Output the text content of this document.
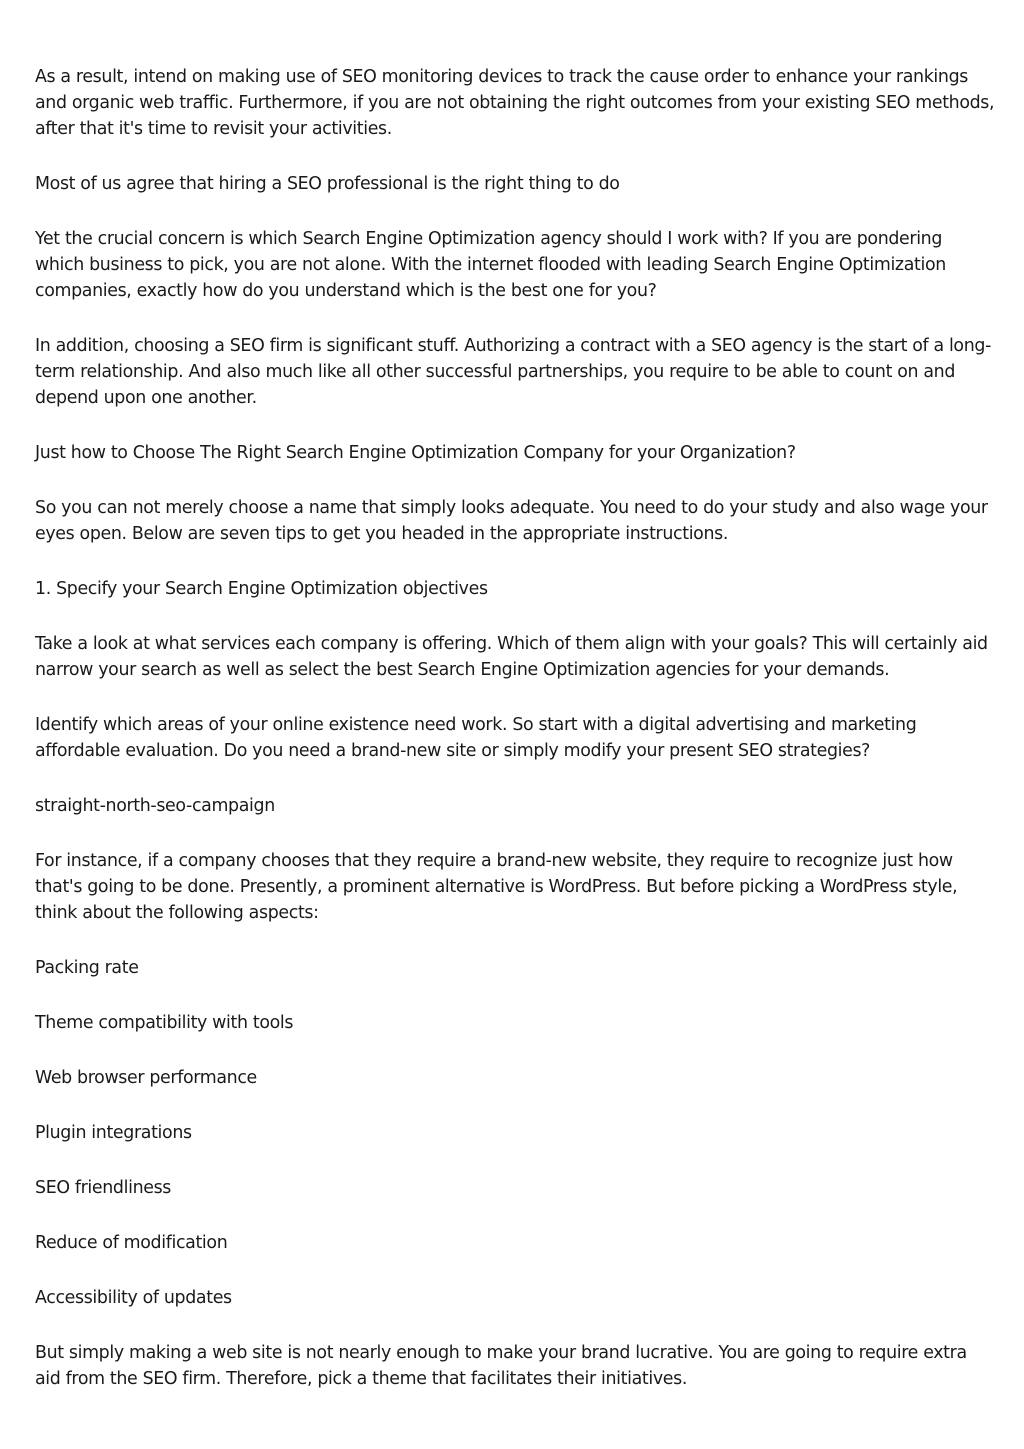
As a result, intend on making use of SEO monitoring devices to track the cause order to enhance your rankings and organic web traffic. Furthermore, if you are not obtaining the right outcomes from your existing SEO methods, after that it's time to revisit your activities.

Most of us agree that hiring a SEO professional is the right thing to do

Yet the crucial concern is which Search Engine Optimization agency should I work with? If you are pondering which business to pick, you are not alone. With the internet flooded with leading Search Engine Optimization companies, exactly how do you understand which is the best one for you?

In addition, choosing a SEO firm is significant stuff. Authorizing a contract with a SEO agency is the start of a long-term relationship. And also much like all other successful partnerships, you require to be able to count on and depend upon one another.

Just how to Choose The Right Search Engine Optimization Company for your Organization?

So you can not merely choose a name that simply looks adequate. You need to do your study and also wage your eyes open. Below are seven tips to get you headed in the appropriate instructions.

1. Specify your Search Engine Optimization objectives

Take a look at what services each company is offering. Which of them align with your goals? This will certainly aid narrow your search as well as select the best Search Engine Optimization agencies for your demands.

Identify which areas of your online existence need work. So start with a digital advertising and marketing affordable evaluation. Do you need a brand-new site or simply modify your present SEO strategies?

straight-north-seo-campaign

For instance, if a company chooses that they require a brand-new website, they require to recognize just how that's going to be done. Presently, a prominent alternative is WordPress. But before picking a WordPress style, think about the following aspects:

Packing rate

Theme compatibility with tools

Web browser performance

Plugin integrations

SEO friendliness

Reduce of modification

Accessibility of updates

But simply making a web site is not nearly enough to make your brand lucrative. You are going to require extra aid from the SEO firm. Therefore, pick a theme that facilitates their initiatives.
